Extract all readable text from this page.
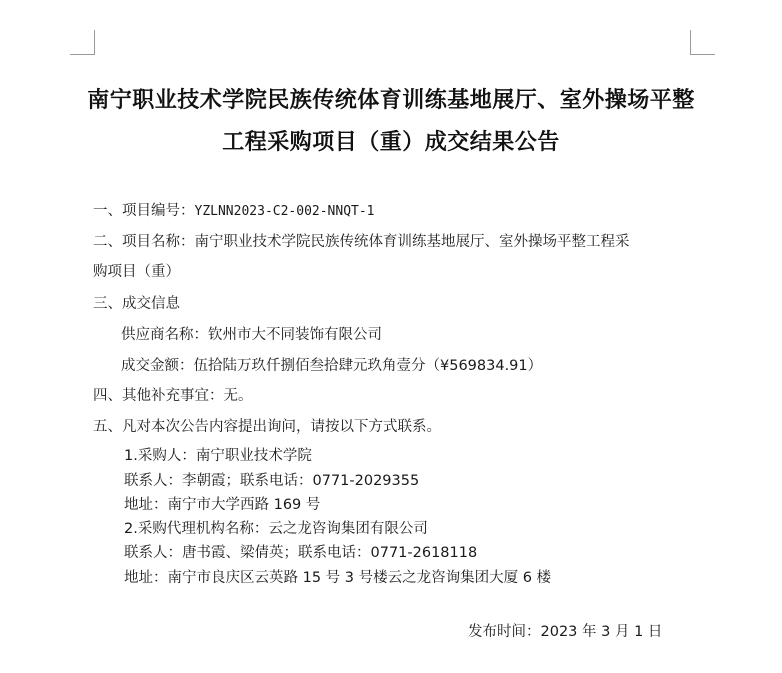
南宁职业技术学院民族传统体育训练基地展厅、室外操场平整
工程采购项目（重）成交结果公告
一、项目编号：YZLNN2023-C2-002-NNQT-1
二、项目名称：南宁职业技术学院民族传统体育训练基地展厅、室外操场平整工程采
购项目（重）
三、成交信息
供应商名称：钦州市大不同装饰有限公司
成交金额：伍拾陆万玖仟捌佰叁拾肆元玖角壹分（¥569834.91）
四、其他补充事宜：无。
五、凡对本次公告内容提出询问，请按以下方式联系。
1.采购人：南宁职业技术学院
联系人：李朝霞；联系电话：0771-2029355
地址：南宁市大学西路 169 号
2.采购代理机构名称：云之龙咨询集团有限公司
联系人：唐书霞、梁倩英；联系电话：0771-2618118
地址：南宁市良庆区云英路 15 号 3 号楼云之龙咨询集团大厦 6 楼
发布时间：2023 年 3 月 1 日
